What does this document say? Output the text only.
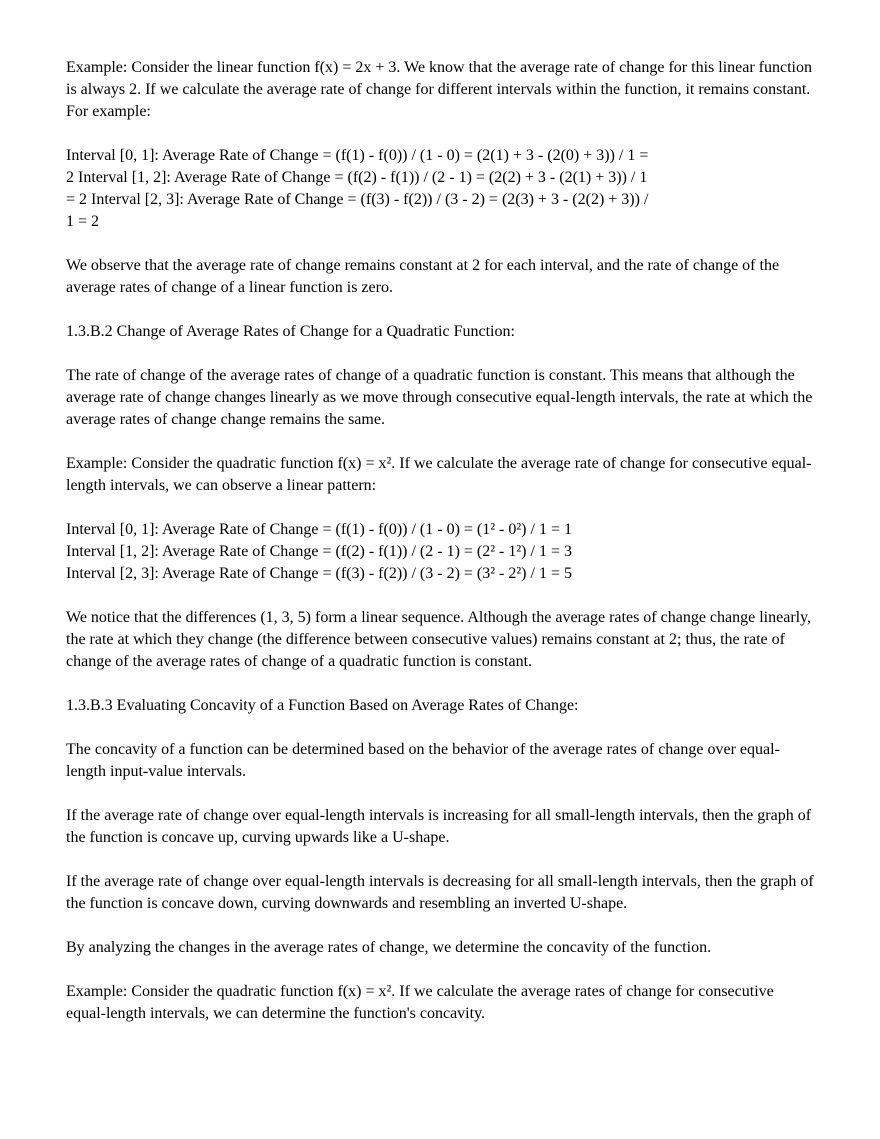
Example: Consider the linear function f(x) = 2x + 3. We know that the average rate of change for this linear function is always 2. If we calculate the average rate of change for different intervals within the function, it remains constant. For example:

Interval [0, 1]: Average Rate of Change = (f(1) - f(0)) / (1 - 0) = (2(1) + 3 - (2(0) + 3)) / 1 =
2 Interval [1, 2]: Average Rate of Change = (f(2) - f(1)) / (2 - 1) = (2(2) + 3 - (2(1) + 3)) / 1
= 2 Interval [2, 3]: Average Rate of Change = (f(3) - f(2)) / (3 - 2) = (2(3) + 3 - (2(2) + 3)) /
1 = 2

We observe that the average rate of change remains constant at 2 for each interval, and the rate of change of the average rates of change of a linear function is zero.

1.3.B.2 Change of Average Rates of Change for a Quadratic Function:

The rate of change of the average rates of change of a quadratic function is constant. This means that although the average rate of change changes linearly as we move through consecutive equal-length intervals, the rate at which the average rates of change change remains the same.

Example: Consider the quadratic function f(x) = x². If we calculate the average rate of change for consecutive equal-length intervals, we can observe a linear pattern:

Interval [0, 1]: Average Rate of Change = (f(1) - f(0)) / (1 - 0) = (1² - 0²) / 1 = 1
Interval [1, 2]: Average Rate of Change = (f(2) - f(1)) / (2 - 1) = (2² - 1²) / 1 = 3
Interval [2, 3]: Average Rate of Change = (f(3) - f(2)) / (3 - 2) = (3² - 2²) / 1 = 5

We notice that the differences (1, 3, 5) form a linear sequence. Although the average rates of change change linearly, the rate at which they change (the difference between consecutive values) remains constant at 2; thus, the rate of change of the average rates of change of a quadratic function is constant.

1.3.B.3 Evaluating Concavity of a Function Based on Average Rates of Change:

The concavity of a function can be determined based on the behavior of the average rates of change over equal-length input-value intervals.

If the average rate of change over equal-length intervals is increasing for all small-length intervals, then the graph of the function is concave up, curving upwards like a U-shape.

If the average rate of change over equal-length intervals is decreasing for all small-length intervals, then the graph of the function is concave down, curving downwards and resembling an inverted U-shape.

By analyzing the changes in the average rates of change, we determine the concavity of the function.

Example: Consider the quadratic function f(x) = x². If we calculate the average rates of change for consecutive equal-length intervals, we can determine the function's concavity.
